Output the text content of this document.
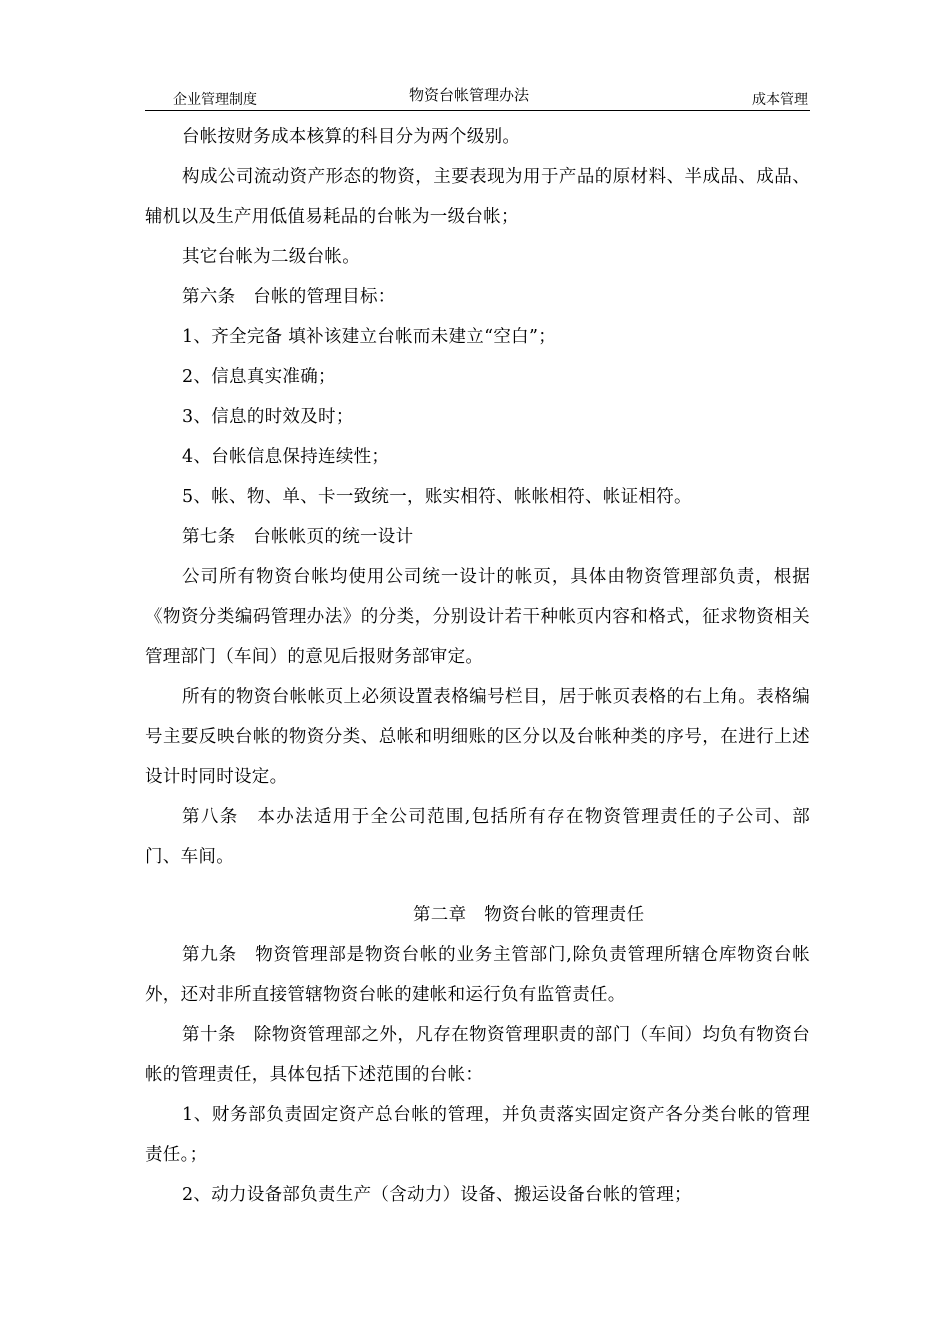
企业管理制度	物资台帐管理办法	成本管理

台帐按财务成本核算的科目分为两个级别。

构成公司流动资产形态的物资，主要表现为用于产品的原材料、半成品、成品、辅机以及生产用低值易耗品的台帐为一级台帐；

其它台帐为二级台帐。

第六条　台帐的管理目标：

1、齐全完备 填补该建立台帐而未建立“空白”；

2、信息真实准确；

3、信息的时效及时；

4、台帐信息保持连续性；

5、帐、物、单、卡一致统一，账实相符、帐帐相符、帐证相符。

第七条　台帐帐页的统一设计

公司所有物资台帐均使用公司统一设计的帐页，具体由物资管理部负责，根据《物资分类编码管理办法》的分类，分别设计若干种帐页内容和格式，征求物资相关管理部门（车间）的意见后报财务部审定。

所有的物资台帐帐页上必须设置表格编号栏目，居于帐页表格的右上角。表格编号主要反映台帐的物资分类、总帐和明细账的区分以及台帐种类的序号，在进行上述设计时同时设定。

第八条　本办法适用于全公司范围,包括所有存在物资管理责任的子公司、部门、车间。

第二章　物资台帐的管理责任

第九条　物资管理部是物资台帐的业务主管部门,除负责管理所辖仓库物资台帐外，还对非所直接管辖物资台帐的建帐和运行负有监管责任。

第十条　除物资管理部之外，凡存在物资管理职责的部门（车间）均负有物资台帐的管理责任，具体包括下述范围的台帐：

1、财务部负责固定资产总台帐的管理，并负责落实固定资产各分类台帐的管理责任。；

2、动力设备部负责生产（含动力）设备、搬运设备台帐的管理；
